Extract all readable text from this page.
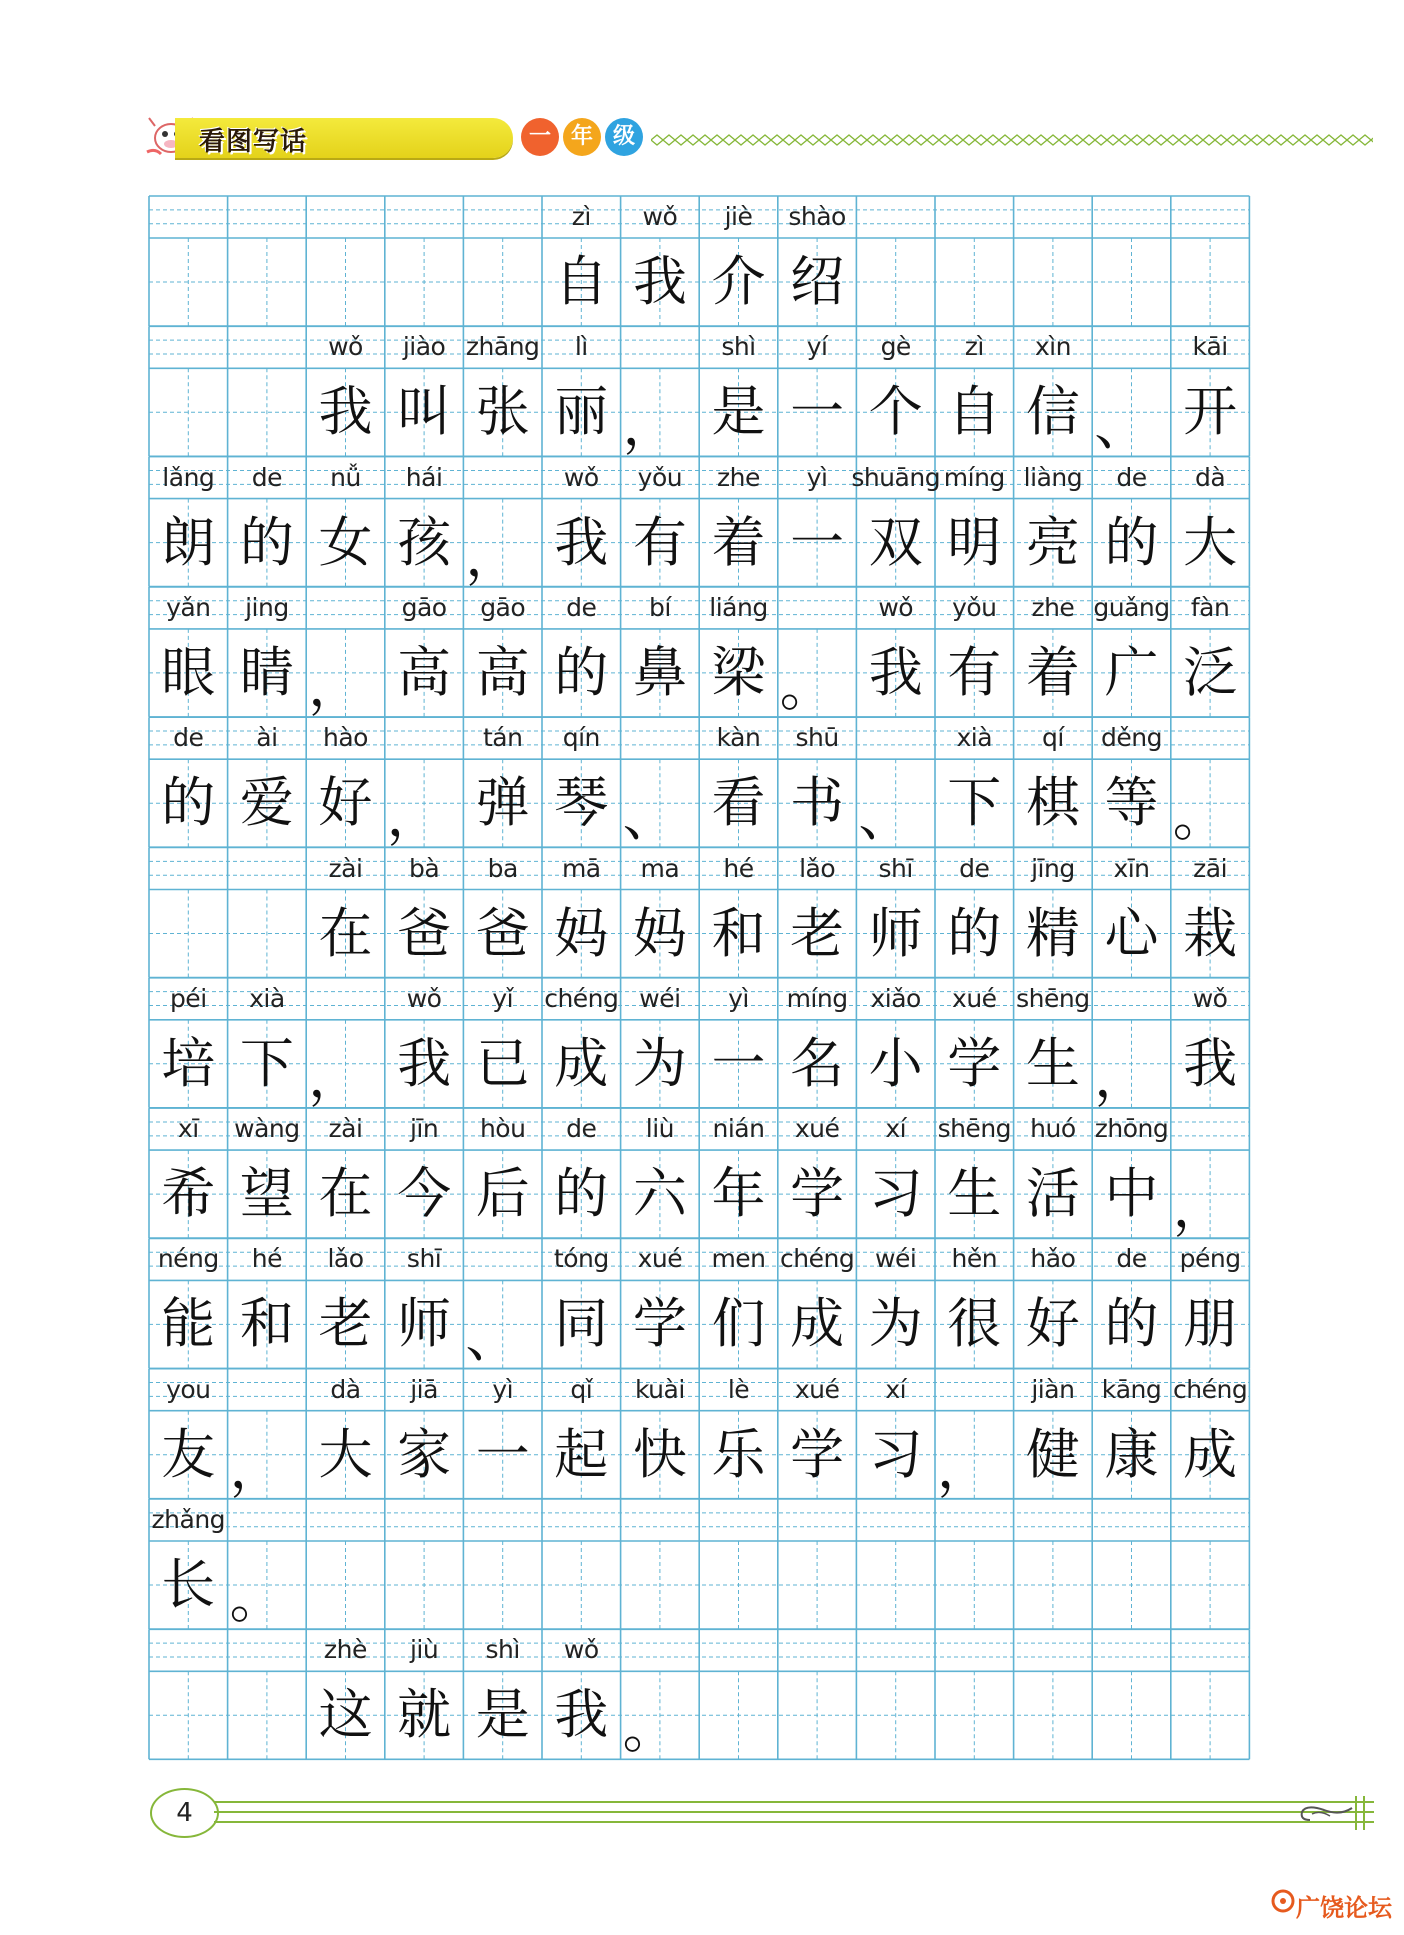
看图写话	一 年 级
zì	wǒ	jiè	shào
自 我 介 绍
wǒ	jiào zhāng	lì	shì	yí	gè	zì	xìn	kāi
我 叫 张 丽 ， 是 一 个 自 信 、 开
lǎng	de	nǚ	hái	wǒ	yǒu	zhe	yì shuāng míng liàng	de	dà
朗 的 女 孩 ， 我 有 着 一 双 明 亮 的 大
yǎn	jing	gāo	gāo	de	bí	liáng	wǒ	yǒu	zhe guǎng fàn
眼 睛 ， 高 高 的 鼻 梁 。 我 有 着 广 泛
de	ài	hào	tán	qín	kàn	shū	xià	qí	děng
的 爱 好 ， 弹 琴 、 看 书 、 下 棋 等 。
zài	bà	ba	mā	ma	hé	lǎo	shī	de	jīng	xīn	zāi
在 爸 爸 妈 妈 和 老 师 的 精 心 栽
péi	xià	wǒ	yǐ	chéng wéi	yì	míng xiǎo	xué shēng	wǒ
培 下 ， 我 已 成 为 一 名 小 学 生 ， 我
xī	wàng	zài	jīn	hòu	de	liù	nián	xué	xí	shēng huó zhōng
希 望 在 今 后 的 六 年 学 习 生 活 中 ，
néng	hé	lǎo	shī	tóng	xué	men chéng wéi	hěn	hǎo	de	péng
能 和 老 师 、 同 学 们 成 为 很 好 的 朋
you	dà	jiā	yì	qǐ	kuài	lè	xué	xí	jiàn	kāng chéng
友 ， 大 家 一 起 快 乐 学 习 ， 健 康 成
zhǎng
长 。
zhè	jiù	shì	wǒ
这 就 是 我 。
4
广饶论坛
